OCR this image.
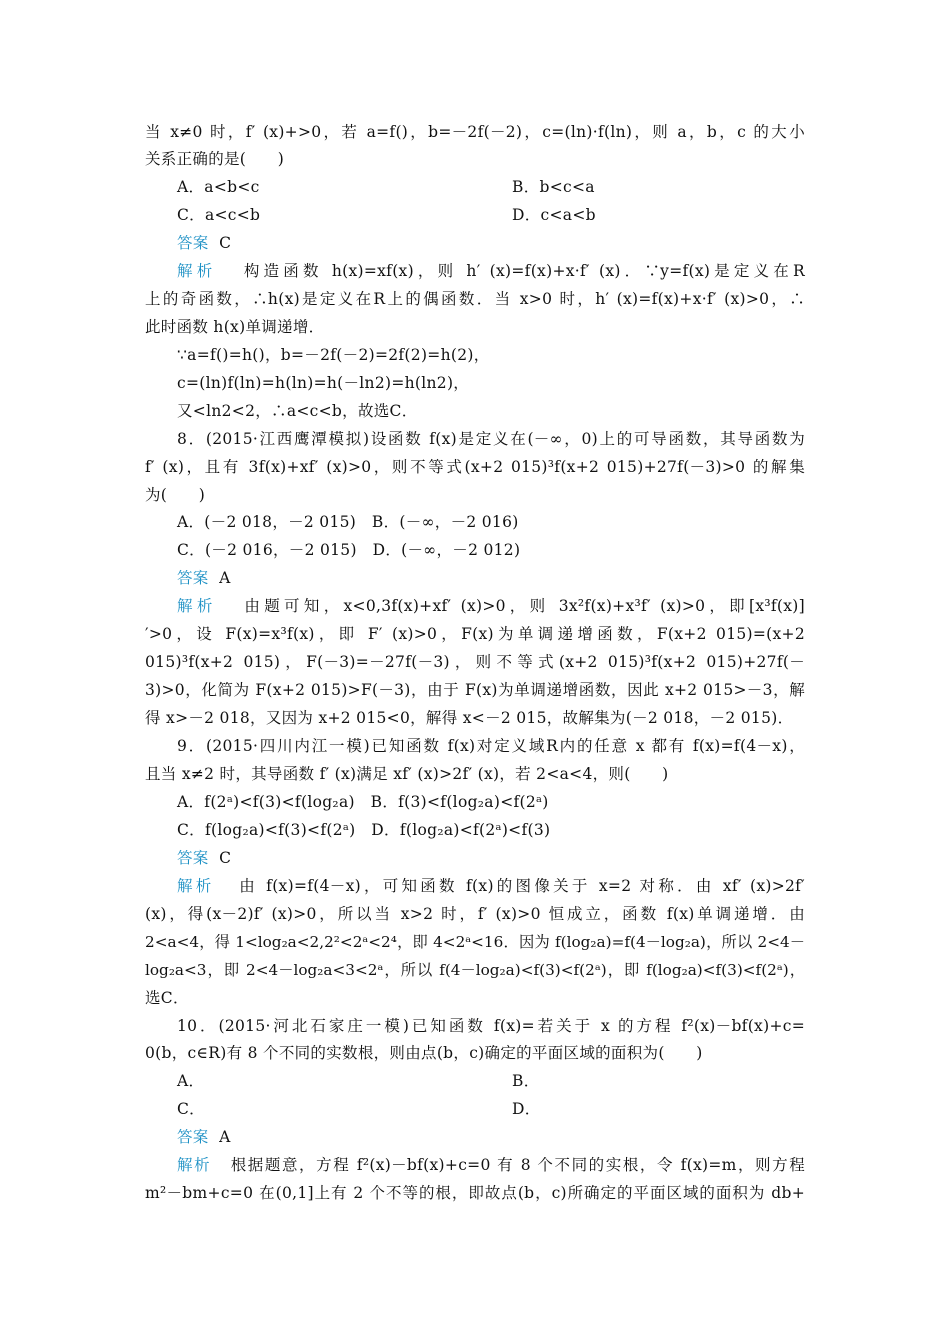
当 x≠0 时，f′ (x)+>0，若 a=f()，b=－2f(－2)，c=(ln)·f(ln)，则 a，b，c 的大小
关系正确的是(　　)
A．a<b<c	B．b<c<a
C．a<c<b	D．c<a<b
答案 C
解析 构造函数 h(x)=xf(x)，则 h′ (x)=f(x)+x·f′ (x)．∵y=f(x)是定义在R
上的奇函数，∴h(x)是定义在R上的偶函数．当 x>0 时，h′ (x)=f(x)+x·f′ (x)>0，∴
此时函数 h(x)单调递增．
∵a=f()=h()，b=－2f(－2)=2f(2)=h(2)，
c=(ln)f(ln)=h(ln)=h(－ln2)=h(ln2)，
又<ln2<2，∴a<c<b，故选C．
8．(2015·江西鹰潭模拟)设函数 f(x)是定义在(－∞，0)上的可导函数，其导函数为
f′ (x)，且有 3f(x)+xf′ (x)>0，则不等式(x+2 015)³f(x+2 015)+27f(－3)>0 的解集
为(　　)
A．(－2 018，－2 015)　B．(－∞，－2 016)
C．(－2 016，－2 015)　D．(－∞，－2 012)
答案 A
解析 由题可知，x<0,3f(x)+xf′ (x)>0，则 3x²f(x)+x³f′ (x)>0，即[x³f(x)]
′>0，设 F(x)=x³f(x)，即 F′ (x)>0，F(x)为单调递增函数，F(x+2 015)=(x+2
015)³f(x+2 015)，F(－3)=－27f(－3)，则不等式(x+2 015)³f(x+2 015)+27f(－
3)>0，化简为 F(x+2 015)>F(－3)，由于 F(x)为单调递增函数，因此 x+2 015>－3，解
得 x>－2 018，又因为 x+2 015<0，解得 x<－2 015，故解集为(－2 018，－2 015)．
9．(2015·四川内江一模)已知函数 f(x)对定义域R内的任意 x 都有 f(x)=f(4－x)，
且当 x≠2 时，其导函数 f′ (x)满足 xf′ (x)>2f′ (x)，若 2<a<4，则(　　)
A．f(2ᵃ)<f(3)<f(log₂a)　B．f(3)<f(log₂a)<f(2ᵃ)
C．f(log₂a)<f(3)<f(2ᵃ)　D．f(log₂a)<f(2ᵃ)<f(3)
答案 C
解析 由 f(x)=f(4－x)，可知函数 f(x)的图像关于 x=2 对称．由 xf′ (x)>2f′
(x)，得(x－2)f′ (x)>0，所以当 x>2 时，f′ (x)>0 恒成立，函数 f(x)单调递增．由
2<a<4，得 1<log₂a<2,2²<2ᵃ<2⁴，即 4<2ᵃ<16．因为 f(log₂a)=f(4－log₂a)，所以 2<4－
log₂a<3，即 2<4－log₂a<3<2ᵃ，所以 f(4－log₂a)<f(3)<f(2ᵃ)，即 f(log₂a)<f(3)<f(2ᵃ)，
选C．
10．(2015·河北石家庄一模)已知函数 f(x)=若关于 x 的方程 f²(x)－bf(x)+c=
0(b，c∈R)有 8 个不同的实数根，则由点(b，c)确定的平面区域的面积为(　　)
A．	B．
C．	D．
答案 A
解析 根据题意，方程 f²(x)－bf(x)+c=0 有 8 个不同的实根，令 f(x)=m，则方程
m²－bm+c=0 在(0,1]上有 2 个不等的根，即故点(b，c)所确定的平面区域的面积为 db+
